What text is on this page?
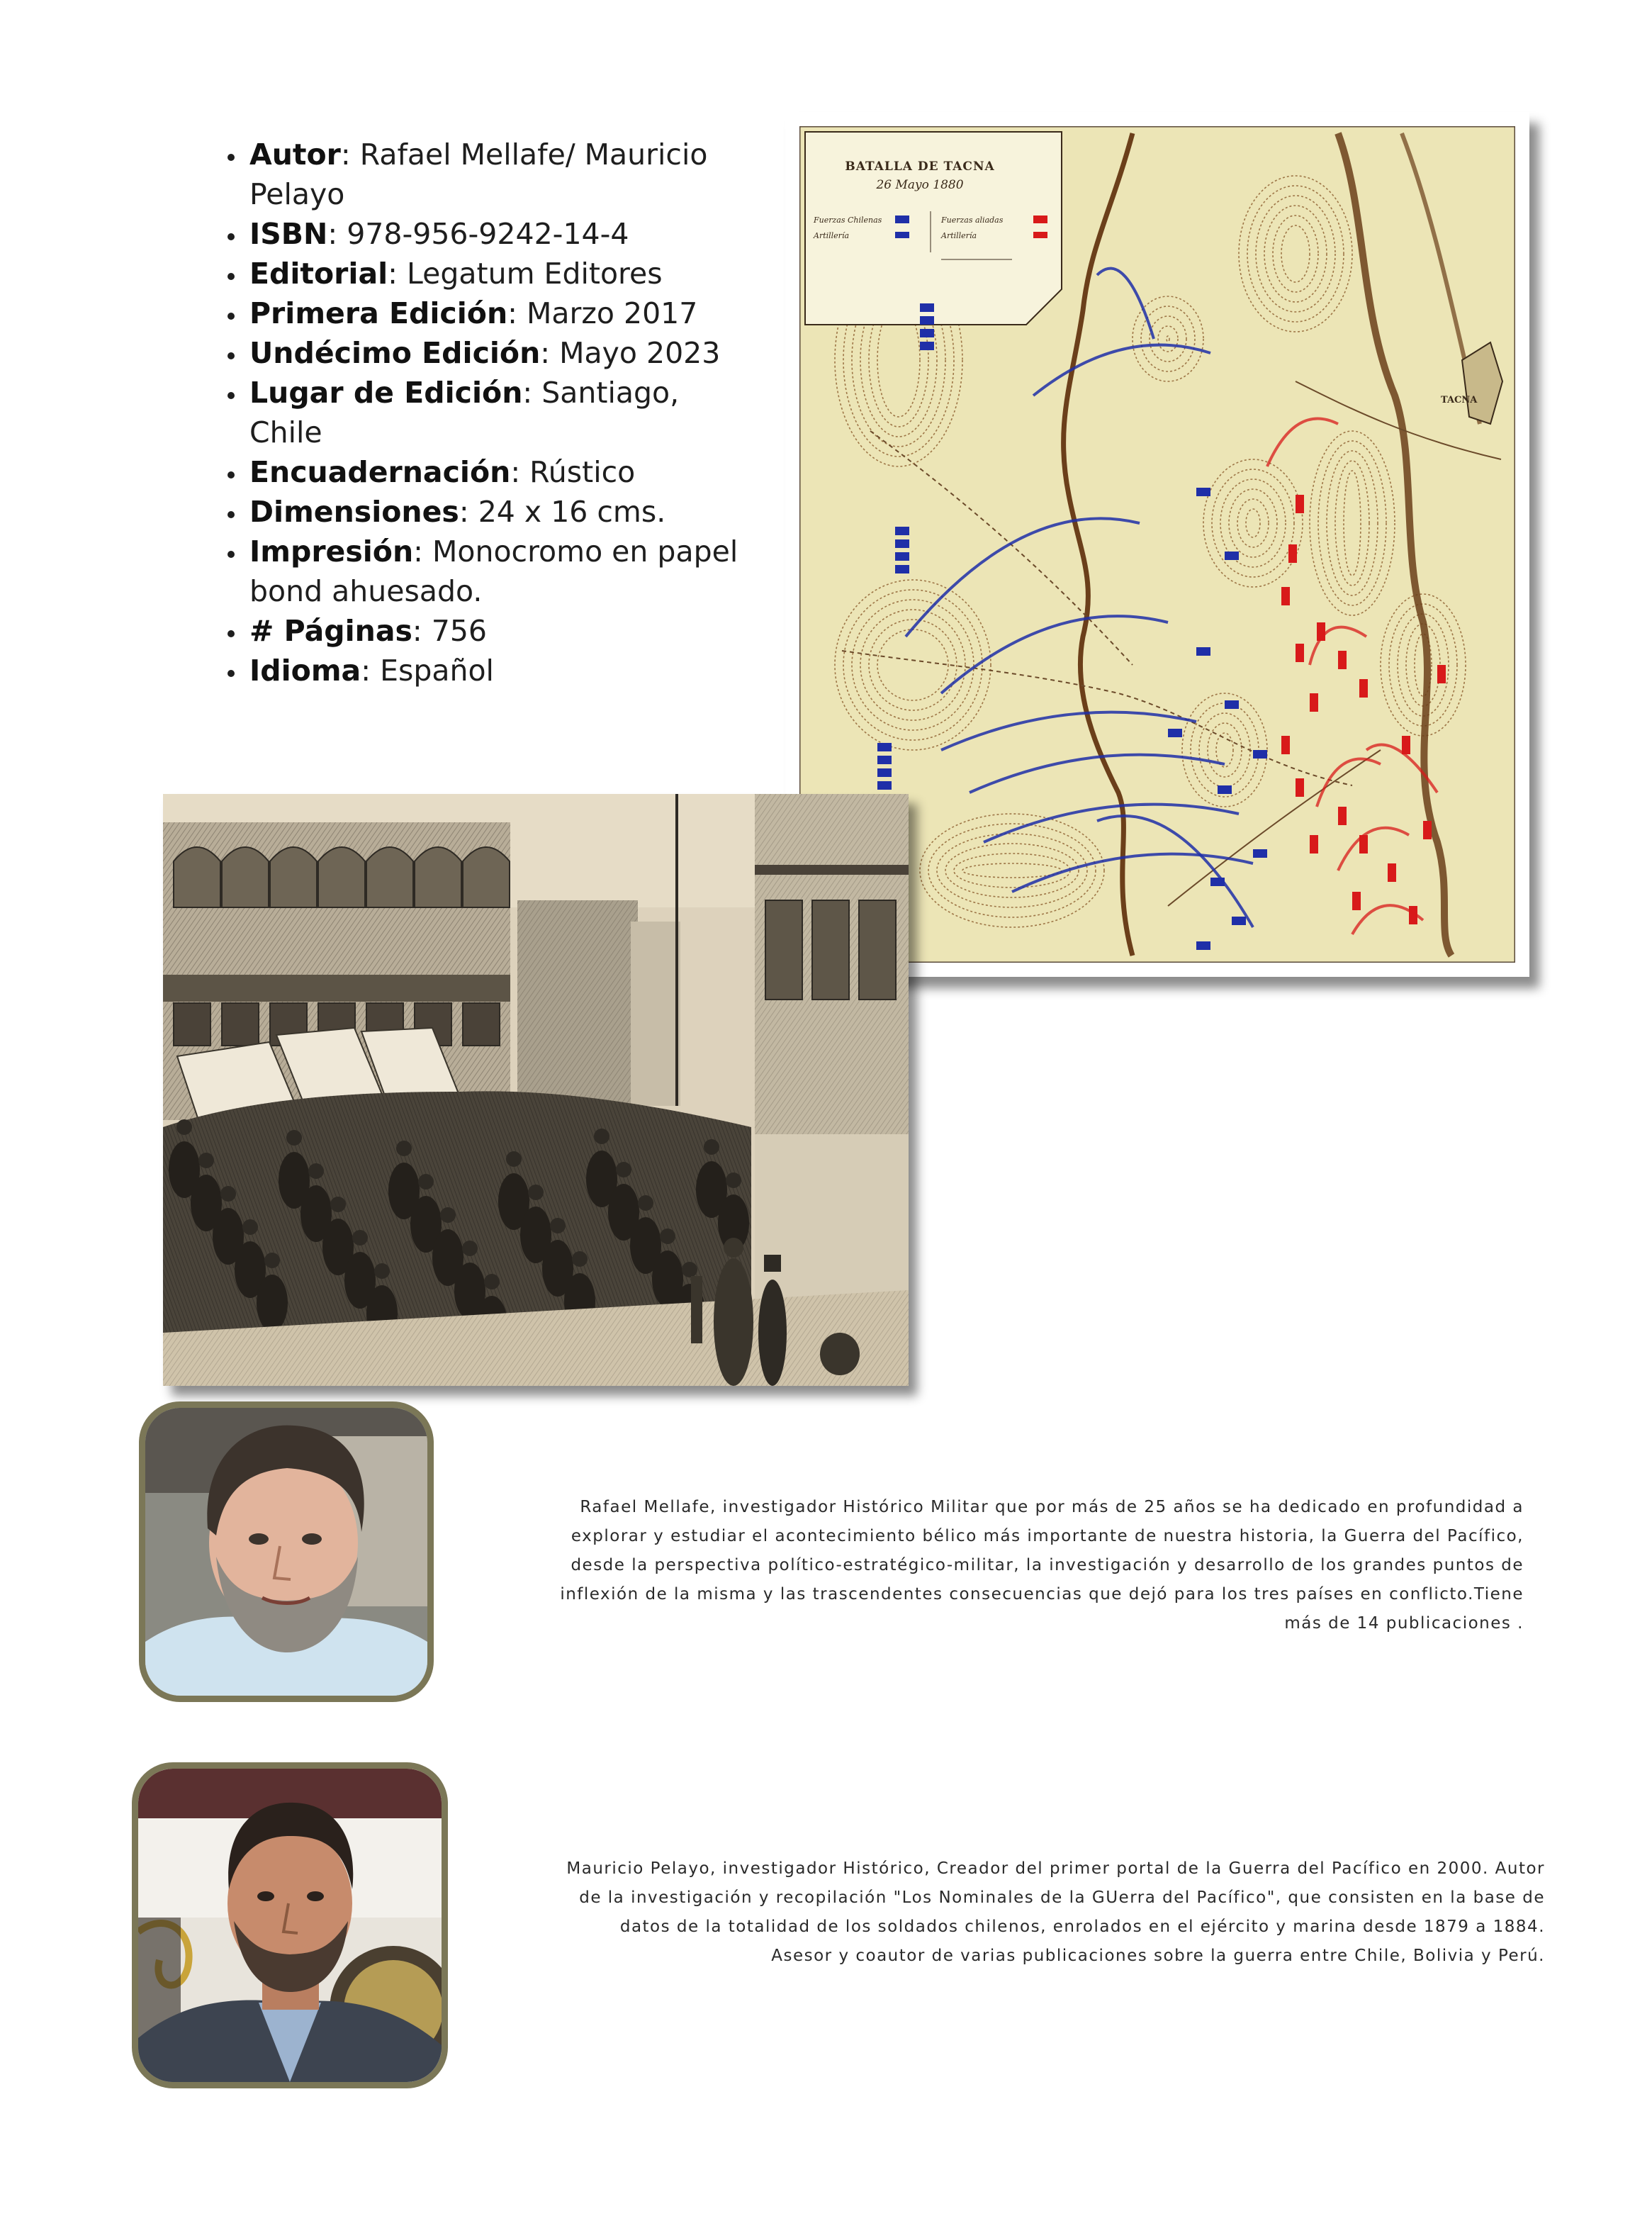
• Autor: Rafael Mellafe/ Mauricio Pelayo
• ISBN: 978-956-9242-14-4
• Editorial: Legatum Editores
• Primera Edición: Marzo 2017
• Undécimo Edición: Mayo 2023
• Lugar de Edición: Santiago, Chile
• Encuadernación: Rústico
• Dimensiones: 24 x 16 cms.
• Impresión: Monocromo en papel bond ahuesado.
• # Páginas: 756
• Idioma: Español
TACNA
BATALLA DE TACNA
26 Mayo 1880
Fuerzas Chilenas
Artillería
Fuerzas aliadas
Artillería

Rafael Mellafe, investigador Histórico Militar que por más de 25 años se ha dedicado en profundidad a explorar y estudiar el acontecimiento bélico más importante de nuestra historia, la Guerra del Pacífico, desde la perspectiva político-estratégico-militar, la investigación y desarrollo de los grandes puntos de inflexión de la misma y las trascendentes consecuencias que dejó para los tres países en conflicto.Tiene más de 14 publicaciones .

Mauricio Pelayo, investigador Histórico, Creador del primer portal de la Guerra del Pacífico en 2000. Autor de la investigación y recopilación "Los Nominales de la GUerra del Pacífico", que consisten en la base de datos de la totalidad de los soldados chilenos, enrolados en el ejército y marina desde 1879 a 1884. Asesor y coautor de varias publicaciones sobre la guerra entre Chile, Bolivia y Perú.
